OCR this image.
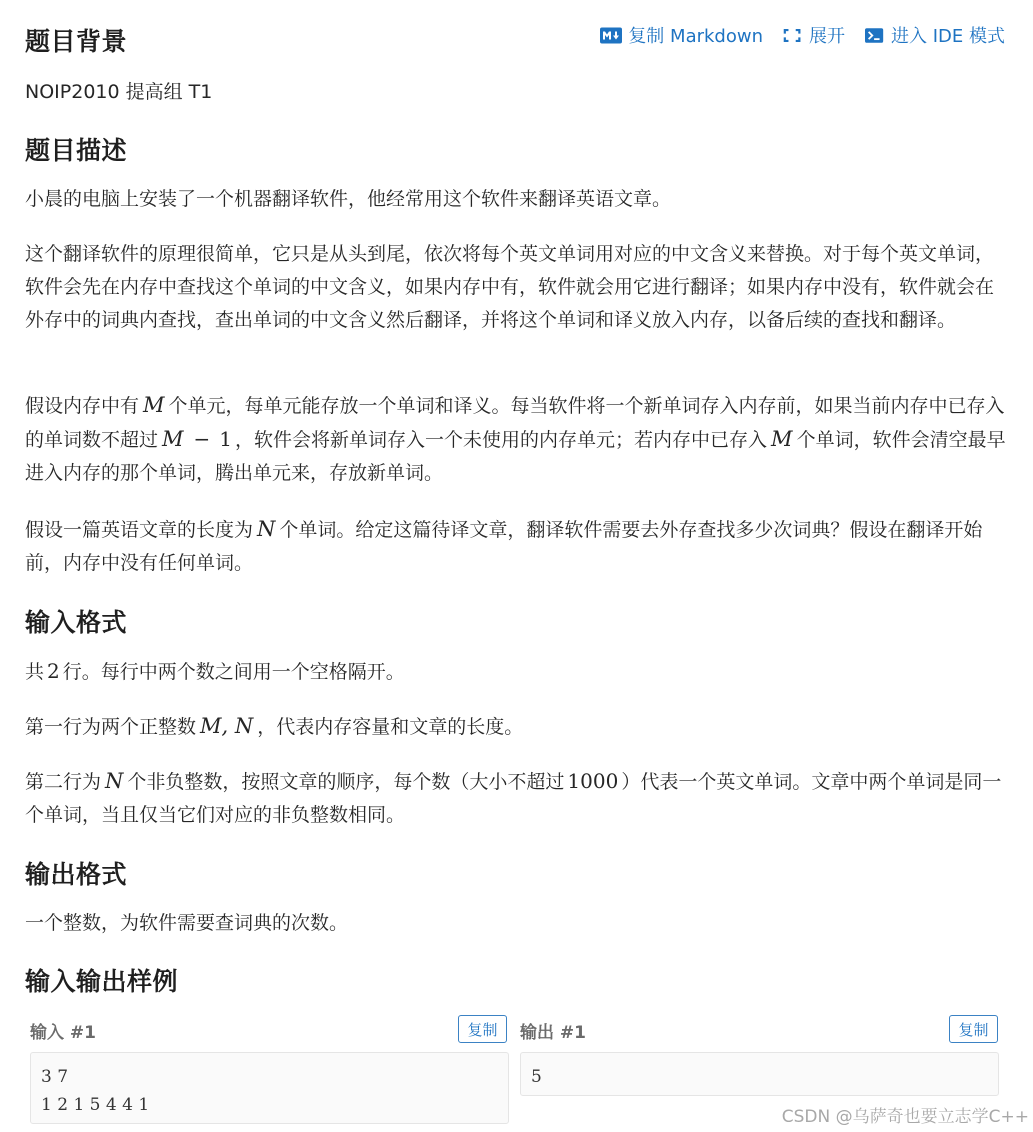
复制 Markdown	展开	进入 IDE 模式
题目背景

NOIP2010 提高组 T1

题目描述

小晨的电脑上安装了一个机器翻译软件，他经常用这个软件来翻译英语文章。

这个翻译软件的原理很简单，它只是从头到尾，依次将每个英文单词用对应的中文含义来替换。对于每个英文单词，软件会先在内存中查找这个单词的中文含义，如果内存中有，软件就会用它进行翻译；如果内存中没有，软件就会在外存中的词典内查找，查出单词的中文含义然后翻译，并将这个单词和译义放入内存，以备后续的查找和翻译。

假设内存中有 M 个单元，每单元能存放一个单词和译义。每当软件将一个新单词存入内存前，如果当前内存中已存入的单词数不超过 M − 1 ，软件会将新单词存入一个未使用的内存单元；若内存中已存入 M 个单词，软件会清空最早进入内存的那个单词，腾出单元来，存放新单词。

假设一篇英语文章的长度为 N 个单词。给定这篇待译文章，翻译软件需要去外存查找多少次词典？假设在翻译开始前，内存中没有任何单词。

输入格式

共 2 行。每行中两个数之间用一个空格隔开。

第一行为两个正整数 M, N ，代表内存容量和文章的长度。

第二行为 N 个非负整数，按照文章的顺序，每个数（大小不超过 1000 ）代表一个英文单词。文章中两个单词是同一个单词，当且仅当它们对应的非负整数相同。

输出格式

一个整数，为软件需要查词典的次数。

输入输出样例
输入 #1	复制
3 7
1 2 1 5 4 4 1
输出 #1	复制
5
CSDN @乌萨奇也要立志学C++
